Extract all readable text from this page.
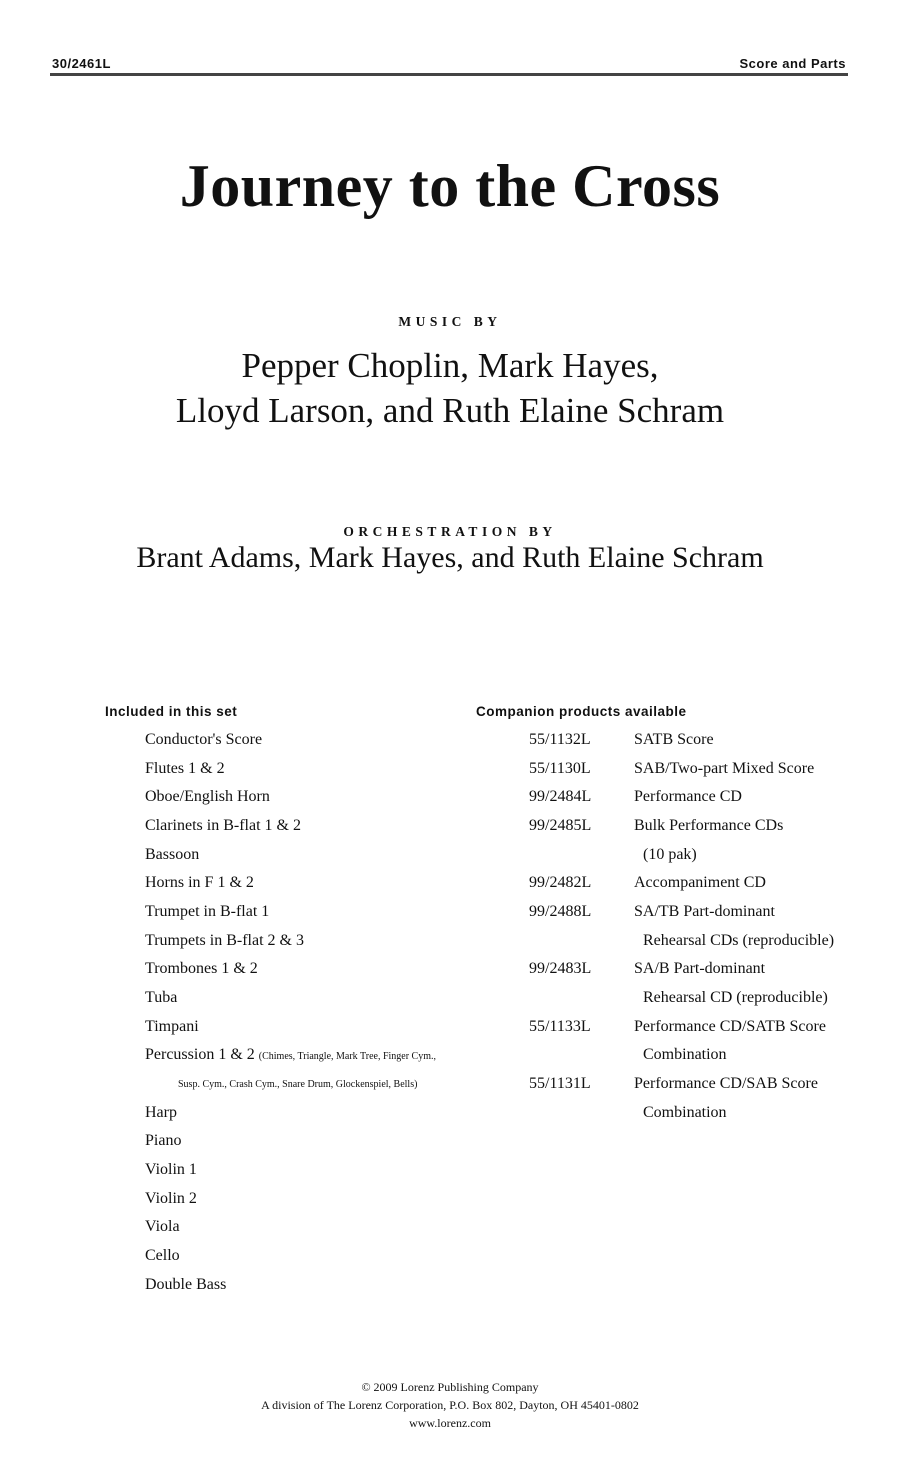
30/2461L	Score and Parts
Journey to the Cross
MUSIC BY
Pepper Choplin, Mark Hayes,
Lloyd Larson, and Ruth Elaine Schram
ORCHESTRATION BY
Brant Adams, Mark Hayes, and Ruth Elaine Schram
Included in this set
Conductor's Score
Flutes 1 & 2
Oboe/English Horn
Clarinets in B-flat 1 & 2
Bassoon
Horns in F 1 & 2
Trumpet in B-flat 1
Trumpets in B-flat 2 & 3
Trombones 1 & 2
Tuba
Timpani
Percussion 1 & 2 (Chimes, Triangle, Mark Tree, Finger Cym.,
Susp. Cym., Crash Cym., Snare Drum, Glockenspiel, Bells)
Harp
Piano
Violin 1
Violin 2
Viola
Cello
Double Bass
Companion products available
55/1132L	SATB Score
55/1130L	SAB/Two-part Mixed Score
99/2484L	Performance CD
99/2485L	Bulk Performance CDs
(10 pak)
99/2482L	Accompaniment CD
99/2488L	SA/TB Part-dominant
Rehearsal CDs (reproducible)
99/2483L	SA/B Part-dominant
Rehearsal CD (reproducible)
55/1133L	Performance CD/SATB Score
Combination
55/1131L	Performance CD/SAB Score
Combination
© 2009 Lorenz Publishing Company
A division of The Lorenz Corporation, P.O. Box 802, Dayton, OH 45401-0802
www.lorenz.com
